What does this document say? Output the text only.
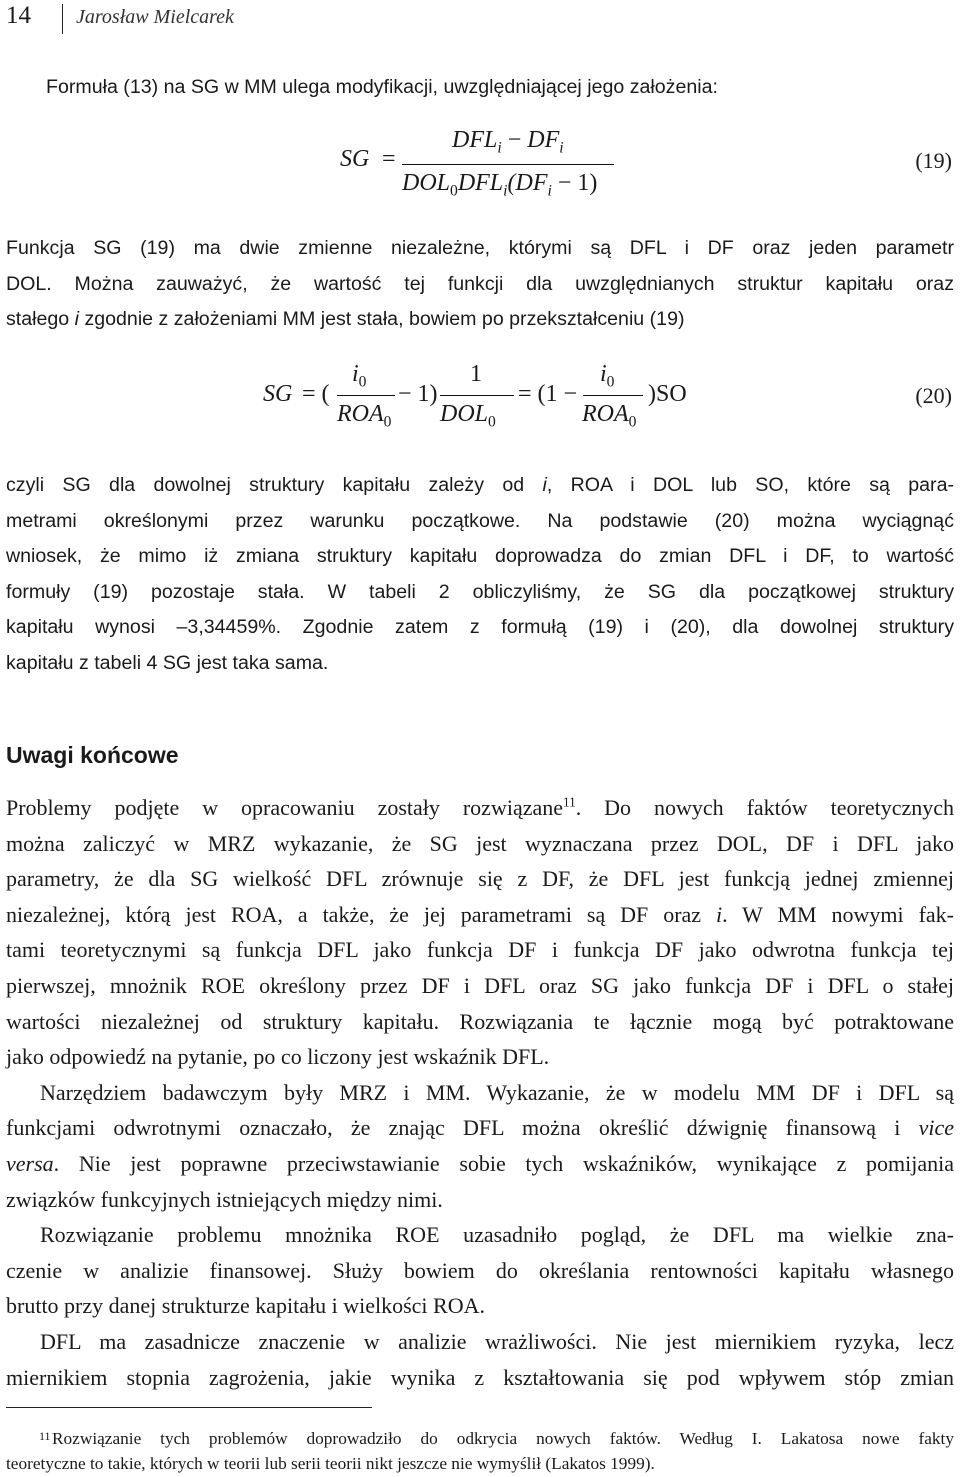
14 Jarosław Mielcarek
Formuła (13) na SG w MM ulega modyfikacji, uwzględniającej jego założenia:
SG =
$DFL_i - DF_i$
$DOL_0DFL_i(DF_i - 1)$
(19)
Funkcja SG (19) ma dwie zmienne niezależne, którymi są DFL i DF oraz jeden parametr
DOL. Można zauważyć, że wartość tej funkcji dla uwzględnianych struktur kapitału oraz
stałego i zgodnie z założeniami MM jest stała, bowiem po przekształceniu (19)
SG = (
$i_0$
$ROA_0$
− 1)
1
$DOL_0$
= (1 −
$i_0$
$ROA_0$
)SO	(20)
czyli SG dla dowolnej struktury kapitału zależy od i, ROA i DOL lub SO, które są para-
metrami określonymi przez warunku początkowe. Na podstawie (20) można wyciągnąć
wniosek, że mimo iż zmiana struktury kapitału doprowadza do zmian DFL i DF, to wartość
formuły (19) pozostaje stała. W tabeli 2 obliczyliśmy, że SG dla początkowej struktury
kapitału wynosi –3,34459%. Zgodnie zatem z formułą (19) i (20), dla dowolnej struktury
kapitału z tabeli 4 SG jest taka sama.
Uwagi końcowe
Problemy podjęte w opracowaniu zostały rozwiązane$^{11}$. Do nowych faktów teoretycznych
można zaliczyć w MRZ wykazanie, że SG jest wyznaczana przez DOL, DF i DFL jako
parametry, że dla SG wielkość DFL zrównuje się z DF, że DFL jest funkcją jednej zmiennej
niezależnej, którą jest ROA, a także, że jej parametrami są DF oraz i. W MM nowymi fak-
tami teoretycznymi są funkcja DFL jako funkcja DF i funkcja DF jako odwrotna funkcja tej
pierwszej, mnożnik ROE określony przez DF i DFL oraz SG jako funkcja DF i DFL o stałej
wartości niezależnej od struktury kapitału. Rozwiązania te łącznie mogą być potraktowane
jako odpowiedź na pytanie, po co liczony jest wskaźnik DFL.
Narzędziem badawczym były MRZ i MM. Wykazanie, że w modelu MM DF i DFL są
funkcjami odwrotnymi oznaczało, że znając DFL można określić dźwignię finansową i vice
versa. Nie jest poprawne przeciwstawianie sobie tych wskaźników, wynikające z pomijania
związków funkcyjnych istniejących między nimi.
Rozwiązanie problemu mnożnika ROE uzasadniło pogląd, że DFL ma wielkie zna-
czenie w analizie finansowej. Służy bowiem do określania rentowności kapitału własnego
brutto przy danej strukturze kapitału i wielkości ROA.
DFL ma zasadnicze znaczenie w analizie wrażliwości. Nie jest miernikiem ryzyka, lecz
miernikiem stopnia zagrożenia, jakie wynika z kształtowania się pod wpływem stóp zmian
11 Rozwiązanie tych problemów doprowadziło do odkrycia nowych faktów. Według I. Lakatosa nowe fakty
teoretyczne to takie, których w teorii lub serii teorii nikt jeszcze nie wymyślił (Lakatos 1999).
